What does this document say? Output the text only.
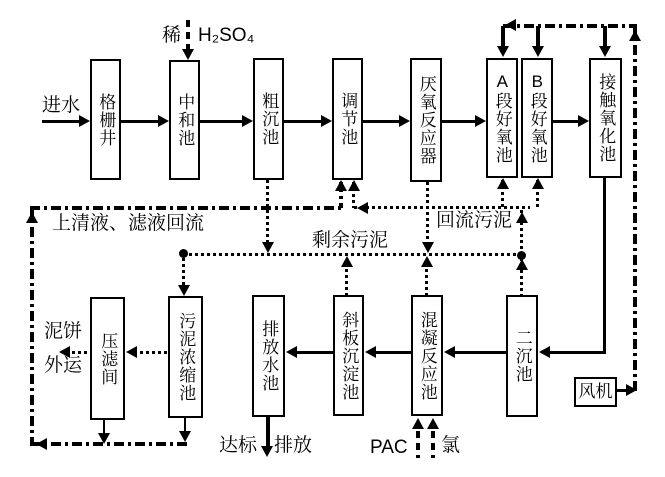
格栅井	中和池	粗沉池	调节池	厌氧反应器	A段好氧池 B段好氧池	接触氧化池
压滤间	污泥浓缩池	排放水池	斜板沉淀池	混凝反应池	二沉池
风机
进水
稀 H₂SO₄
上清液、滤液回流	回流污泥
剩余污泥
泥饼
外运
达标 排放	PAC 氯
